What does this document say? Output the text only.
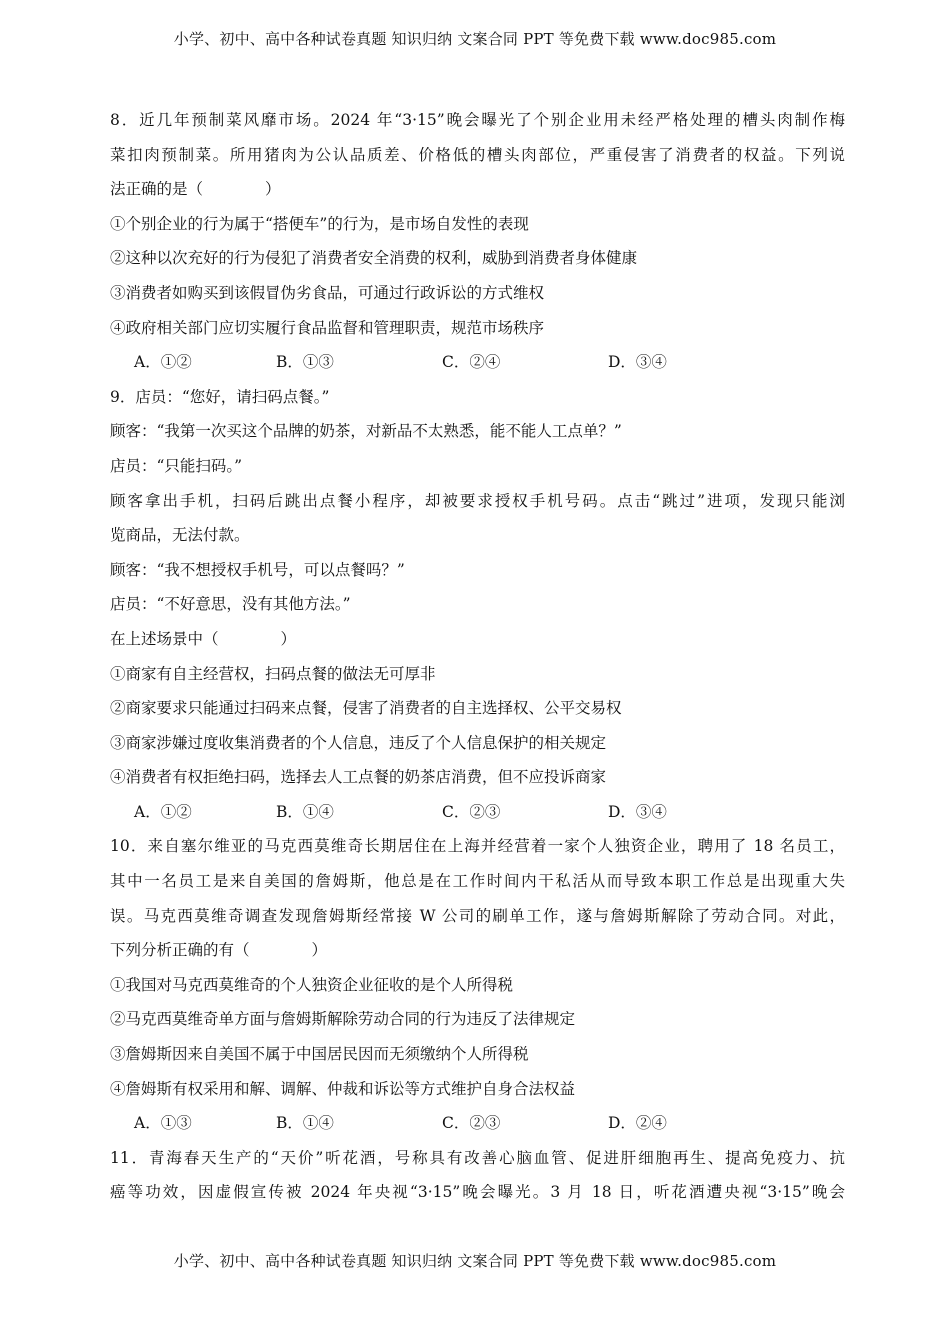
小学、初中、高中各种试卷真题 知识归纳 文案合同 PPT 等免费下载 www.doc985.com
8．近几年预制菜风靡市场。2024 年“3·15”晚会曝光了个别企业用未经严格处理的槽头肉制作梅
菜扣肉预制菜。所用猪肉为公认品质差、价格低的槽头肉部位，严重侵害了消费者的权益。下列说
法正确的是（　　　　）
①个别企业的行为属于“搭便车”的行为，是市场自发性的表现
②这种以次充好的行为侵犯了消费者安全消费的权利，威胁到消费者身体健康
③消费者如购买到该假冒伪劣食品，可通过行政诉讼的方式维权
④政府相关部门应切实履行食品监督和管理职责，规范市场秩序
A．①②	B．①③	C．②④	D．③④
9．店员：“您好，请扫码点餐。”
顾客：“我第一次买这个品牌的奶茶，对新品不太熟悉，能不能人工点单？”
店员：“只能扫码。”
顾客拿出手机，扫码后跳出点餐小程序，却被要求授权手机号码。点击“跳过”进项，发现只能浏
览商品，无法付款。
顾客：“我不想授权手机号，可以点餐吗？”
店员：“不好意思，没有其他方法。”
在上述场景中（　　　　）
①商家有自主经营权，扫码点餐的做法无可厚非
②商家要求只能通过扫码来点餐，侵害了消费者的自主选择权、公平交易权
③商家涉嫌过度收集消费者的个人信息，违反了个人信息保护的相关规定
④消费者有权拒绝扫码，选择去人工点餐的奶茶店消费，但不应投诉商家
A．①②	B．①④	C．②③	D．③④
10．来自塞尔维亚的马克西莫维奇长期居住在上海并经营着一家个人独资企业，聘用了 18 名员工，
其中一名员工是来自美国的詹姆斯，他总是在工作时间内干私活从而导致本职工作总是出现重大失
误。马克西莫维奇调查发现詹姆斯经常接 W 公司的刷单工作，遂与詹姆斯解除了劳动合同。对此，
下列分析正确的有（　　　　）
①我国对马克西莫维奇的个人独资企业征收的是个人所得税
②马克西莫维奇单方面与詹姆斯解除劳动合同的行为违反了法律规定
③詹姆斯因来自美国不属于中国居民因而无须缴纳个人所得税
④詹姆斯有权采用和解、调解、仲裁和诉讼等方式维护自身合法权益
A．①③	B．①④	C．②③	D．②④
11．青海春天生产的“天价”听花酒，号称具有改善心脑血管、促进肝细胞再生、提高免疫力、抗
癌等功效，因虚假宣传被 2024 年央视“3·15”晚会曝光。3 月 18 日，听花酒遭央视“3·15”晚会
小学、初中、高中各种试卷真题 知识归纳 文案合同 PPT 等免费下载 www.doc985.com
